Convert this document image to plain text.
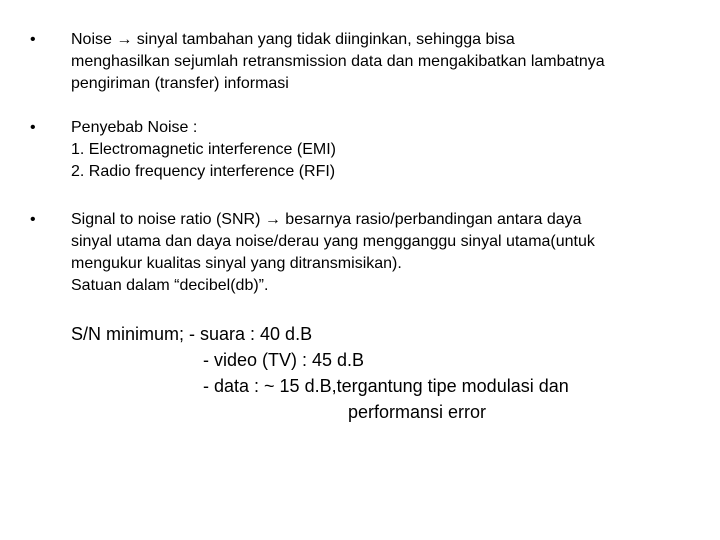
• Noise → sinyal tambahan yang tidak diinginkan, sehingga bisa
menghasilkan sejumlah retransmission data dan mengakibatkan lambatnya
pengiriman (transfer) informasi
• Penyebab Noise :
1. Electromagnetic interference (EMI)
2. Radio frequency interference (RFI)
• Signal to noise ratio (SNR) → besarnya rasio/perbandingan antara daya
sinyal utama dan daya noise/derau yang mengganggu sinyal utama(untuk
mengukur kualitas sinyal yang ditransmisikan).
Satuan dalam “decibel(db)”.
S/N minimum; - suara : 40 d.B
- video (TV) : 45 d.B
- data : ~ 15 d.B,tergantung tipe modulasi dan
performansi error
